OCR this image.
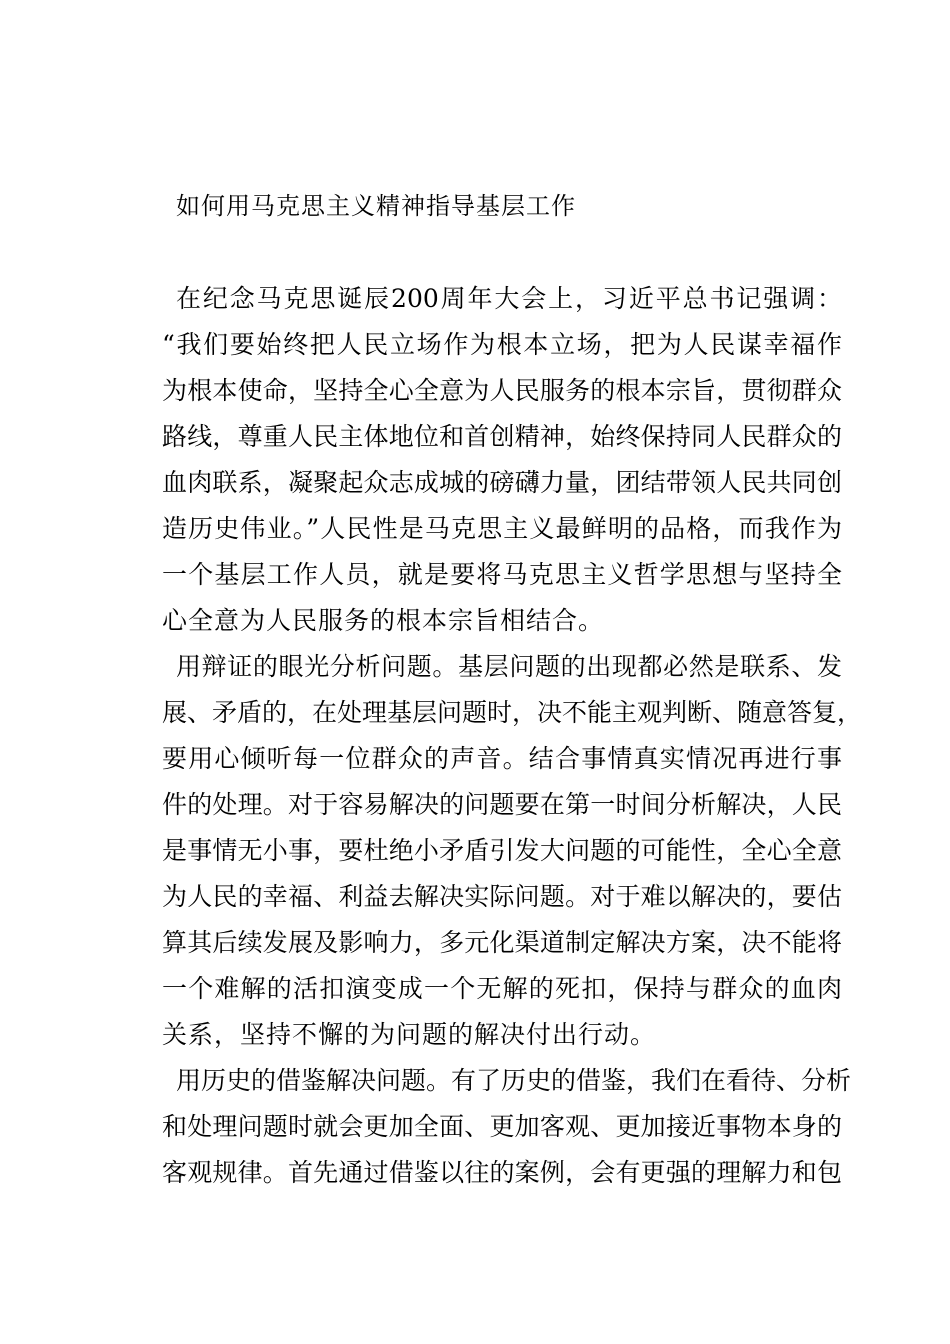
如何用马克思主义精神指导基层工作
在纪念马克思诞辰200周年大会上，习近平总书记强调：
“我们要始终把人民立场作为根本立场，把为人民谋幸福作
为根本使命，坚持全心全意为人民服务的根本宗旨，贯彻群众
路线，尊重人民主体地位和首创精神，始终保持同人民群众的
血肉联系，凝聚起众志成城的磅礴力量，团结带领人民共同创
造历史伟业。”人民性是马克思主义最鲜明的品格，而我作为
一个基层工作人员，就是要将马克思主义哲学思想与坚持全
心全意为人民服务的根本宗旨相结合。
用辩证的眼光分析问题。基层问题的出现都必然是联系、发
展、矛盾的，在处理基层问题时，决不能主观判断、随意答复，
要用心倾听每一位群众的声音。结合事情真实情况再进行事
件的处理。对于容易解决的问题要在第一时间分析解决，人民
是事情无小事，要杜绝小矛盾引发大问题的可能性，全心全意
为人民的幸福、利益去解决实际问题。对于难以解决的，要估
算其后续发展及影响力，多元化渠道制定解决方案，决不能将
一个难解的活扣演变成一个无解的死扣，保持与群众的血肉
关系，坚持不懈的为问题的解决付出行动。
用历史的借鉴解决问题。有了历史的借鉴，我们在看待、分析
和处理问题时就会更加全面、更加客观、更加接近事物本身的
客观规律。首先通过借鉴以往的案例，会有更强的理解力和包
